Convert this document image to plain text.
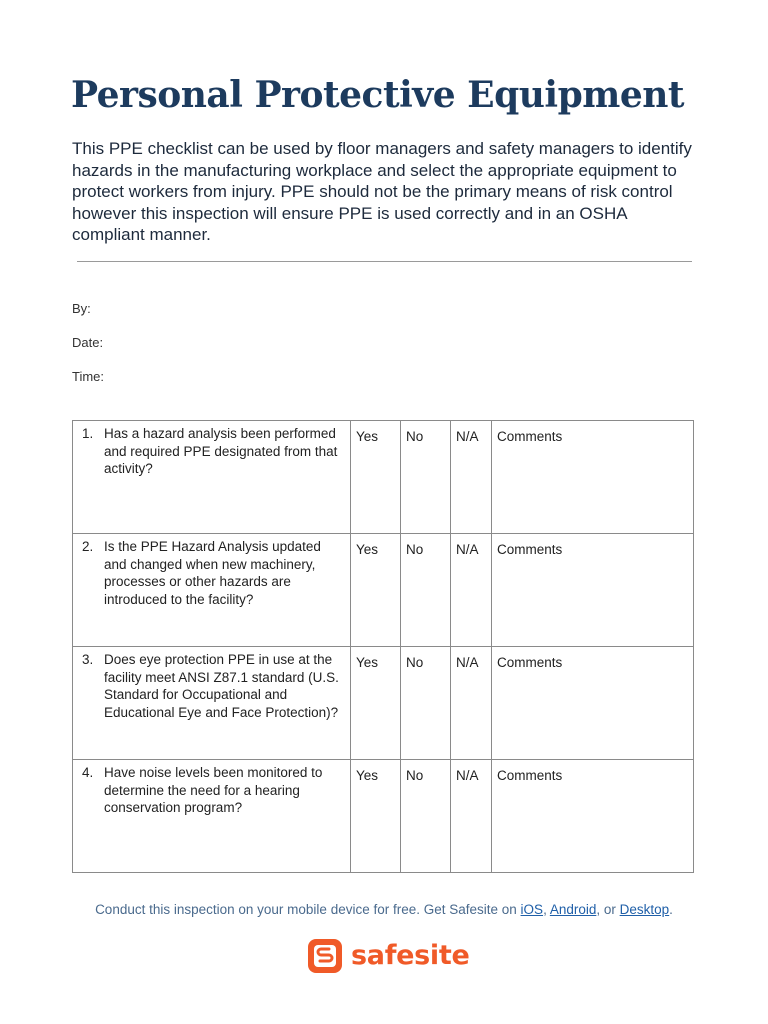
Personal Protective Equipment

This PPE checklist can be used by floor managers and safety managers to identify hazards in the manufacturing workplace and select the appropriate equipment to protect workers from injury. PPE should not be the primary means of risk control however this inspection will ensure PPE is used correctly and in an OSHA compliant manner.

By:
Date:
Time:
1. Has a hazard analysis been performed and required PPE designated from that activity?	Yes	No	N/A	Comments

2. Is the PPE Hazard Analysis updated and changed when new machinery, processes or other hazards are introduced to the facility?	Yes	No	N/A	Comments

3. Does eye protection PPE in use at the facility meet ANSI Z87.1 standard (U.S. Standard for Occupational and Educational Eye and Face Protection)?	Yes	No	N/A	Comments

4. Have noise levels been monitored to determine the need for a hearing conservation program?	Yes	No	N/A	Comments
Conduct this inspection on your mobile device for free. Get Safesite on iOS, Android, or Desktop.
safesite
